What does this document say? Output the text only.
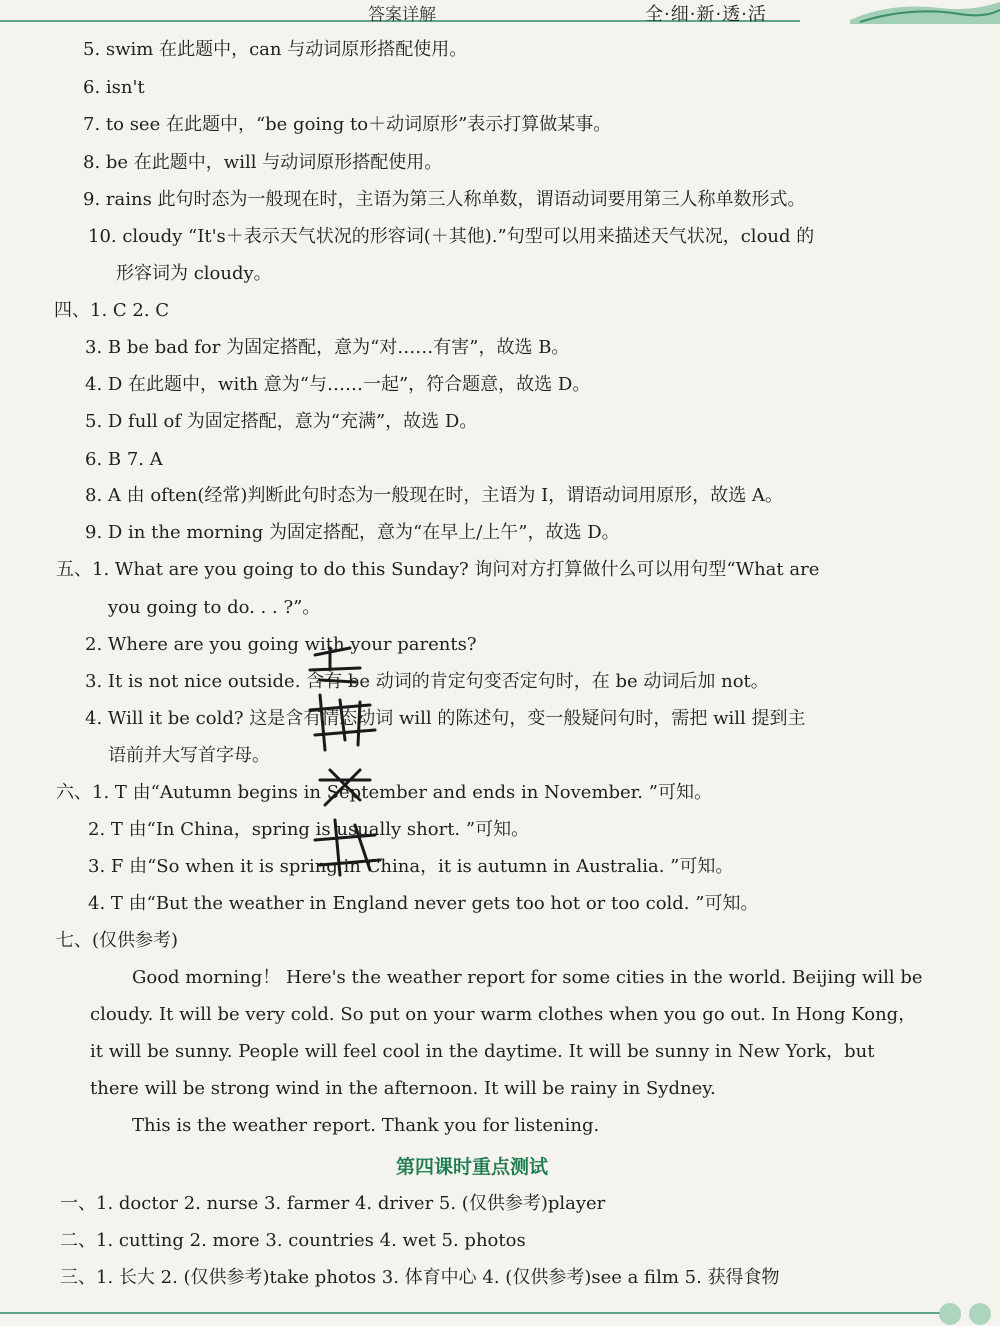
答案详解	全·细·新·透·活
5. swim 在此题中，can 与动词原形搭配使用。
6. isn't
7. to see 在此题中，“be going to＋动词原形”表示打算做某事。
8. be 在此题中，will 与动词原形搭配使用。
9. rains 此句时态为一般现在时，主语为第三人称单数，谓语动词要用第三人称单数形式。
10. cloudy “It's＋表示天气状况的形容词(＋其他).”句型可以用来描述天气状况，cloud 的
形容词为 cloudy。
四、1. C 2. C
3. B be bad for 为固定搭配，意为“对……有害”，故选 B。
4. D 在此题中，with 意为“与……一起”，符合题意，故选 D。
5. D full of 为固定搭配，意为“充满”，故选 D。
6. B 7. A
8. A 由 often(经常)判断此句时态为一般现在时，主语为 I，谓语动词用原形，故选 A。
9. D in the morning 为固定搭配，意为“在早上/上午”，故选 D。
五、1. What are you going to do this Sunday? 询问对方打算做什么可以用句型“What are
you going to do. . . ?”。
2. Where are you going with your parents?
3. It is not nice outside. 含有 be 动词的肯定句变否定句时，在 be 动词后加 not。
4. Will it be cold? 这是含有情态动词 will 的陈述句，变一般疑问句时，需把 will 提到主
语前并大写首字母。
六、1. T 由“Autumn begins in September and ends in November. ”可知。
2. T 由“In China，spring is usually short. ”可知。
3. F 由“So when it is spring in China，it is autumn in Australia. ”可知。
4. T 由“But the weather in England never gets too hot or too cold. ”可知。
七、(仅供参考)
Good morning！ Here's the weather report for some cities in the world. Beijing will be
cloudy. It will be very cold. So put on your warm clothes when you go out. In Hong Kong，
it will be sunny. People will feel cool in the daytime. It will be sunny in New York，but
there will be strong wind in the afternoon. It will be rainy in Sydney.
This is the weather report. Thank you for listening.
第四课时重点测试
一、1. doctor 2. nurse 3. farmer 4. driver 5. (仅供参考)player
二、1. cutting 2. more 3. countries 4. wet 5. photos
三、1. 长大 2. (仅供参考)take photos 3. 体育中心 4. (仅供参考)see a film 5. 获得食物
